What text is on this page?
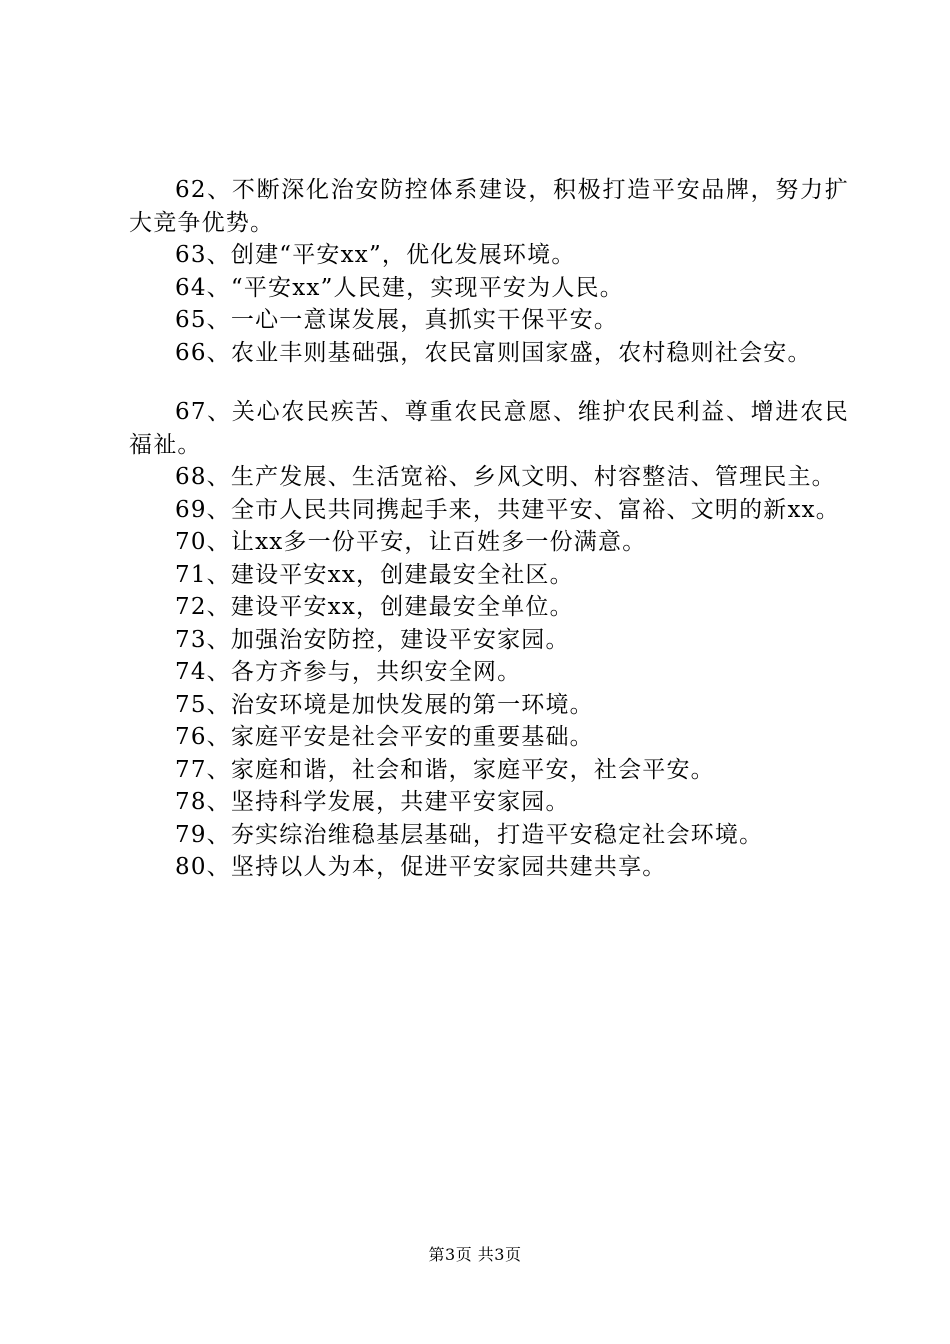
62、不断深化治安防控体系建设，积极打造平安品牌，努力扩大竞争优势。

63、创建“平安xx”，优化发展环境。

64、“平安xx”人民建，实现平安为人民。

65、一心一意谋发展，真抓实干保平安。

66、农业丰则基础强，农民富则国家盛，农村稳则社会安。

67、关心农民疾苦、尊重农民意愿、维护农民利益、增进农民福祉。

68、生产发展、生活宽裕、乡风文明、村容整洁、管理民主。

69、全市人民共同携起手来，共建平安、富裕、文明的新xx。

70、让xx多一份平安，让百姓多一份满意。

71、建设平安xx，创建最安全社区。

72、建设平安xx，创建最安全单位。

73、加强治安防控，建设平安家园。

74、各方齐参与，共织安全网。

75、治安环境是加快发展的第一环境。

76、家庭平安是社会平安的重要基础。

77、家庭和谐，社会和谐，家庭平安，社会平安。

78、坚持科学发展，共建平安家园。

79、夯实综治维稳基层基础，打造平安稳定社会环境。

80、坚持以人为本，促进平安家园共建共享。

第3页 共3页
